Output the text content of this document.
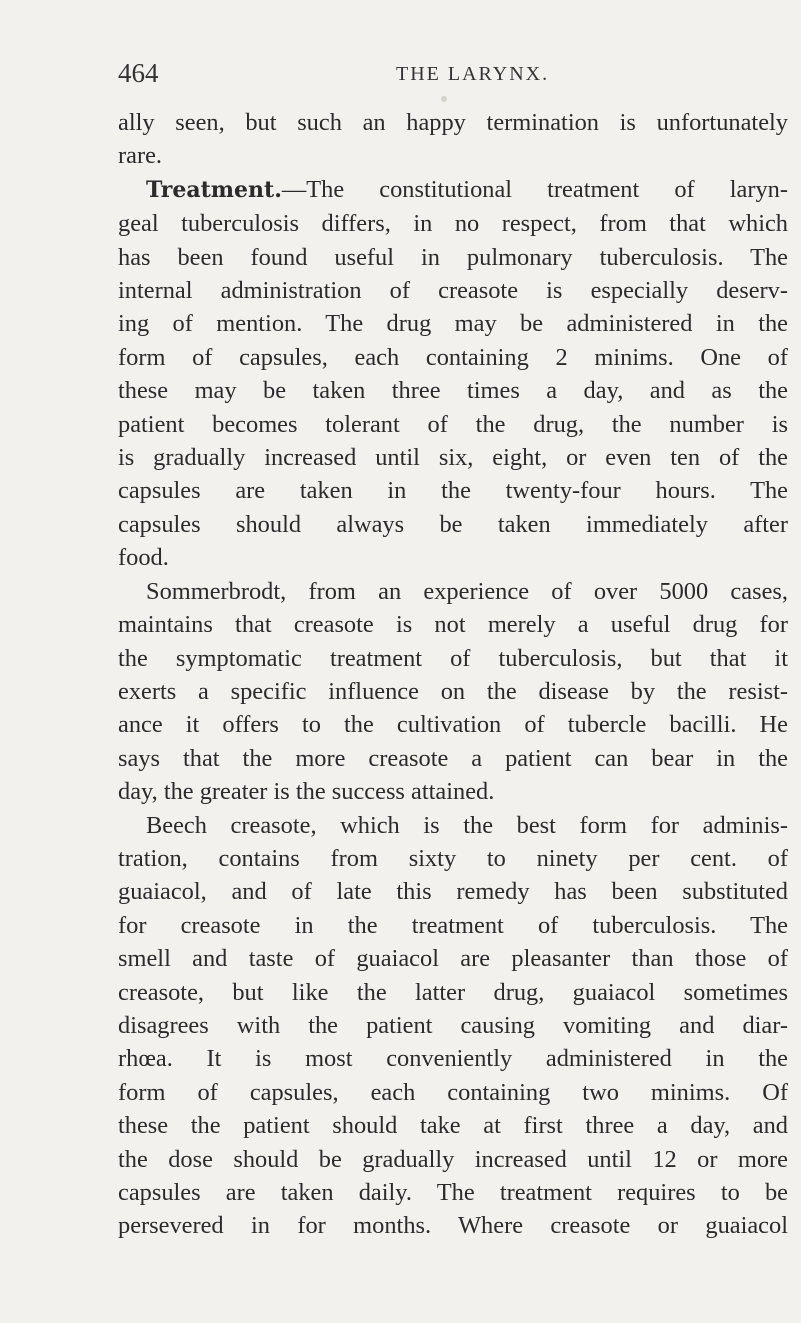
464	THE LARYNX.
ally seen, but such an happy termination is unfortunately
rare.
Treatment.—The constitutional treatment of laryn-
geal tuberculosis differs, in no respect, from that which
has been found useful in pulmonary tuberculosis. The
internal administration of creasote is especially deserv-
ing of mention. The drug may be administered in the
form of capsules, each containing 2 minims. One of
these may be taken three times a day, and as the
patient becomes tolerant of the drug, the number is
is gradually increased until six, eight, or even ten of the
capsules are taken in the twenty-four hours. The
capsules should always be taken immediately after
food.
Sommerbrodt, from an experience of over 5000 cases,
maintains that creasote is not merely a useful drug for
the symptomatic treatment of tuberculosis, but that it
exerts a specific influence on the disease by the resist-
ance it offers to the cultivation of tubercle bacilli. He
says that the more creasote a patient can bear in the
day, the greater is the success attained.
Beech creasote, which is the best form for adminis-
tration, contains from sixty to ninety per cent. of
guaiacol, and of late this remedy has been substituted
for creasote in the treatment of tuberculosis. The
smell and taste of guaiacol are pleasanter than those of
creasote, but like the latter drug, guaiacol sometimes
disagrees with the patient causing vomiting and diar-
rhœa. It is most conveniently administered in the
form of capsules, each containing two minims. Of
these the patient should take at first three a day, and
the dose should be gradually increased until 12 or more
capsules are taken daily. The treatment requires to be
persevered in for months. Where creasote or guaiacol
